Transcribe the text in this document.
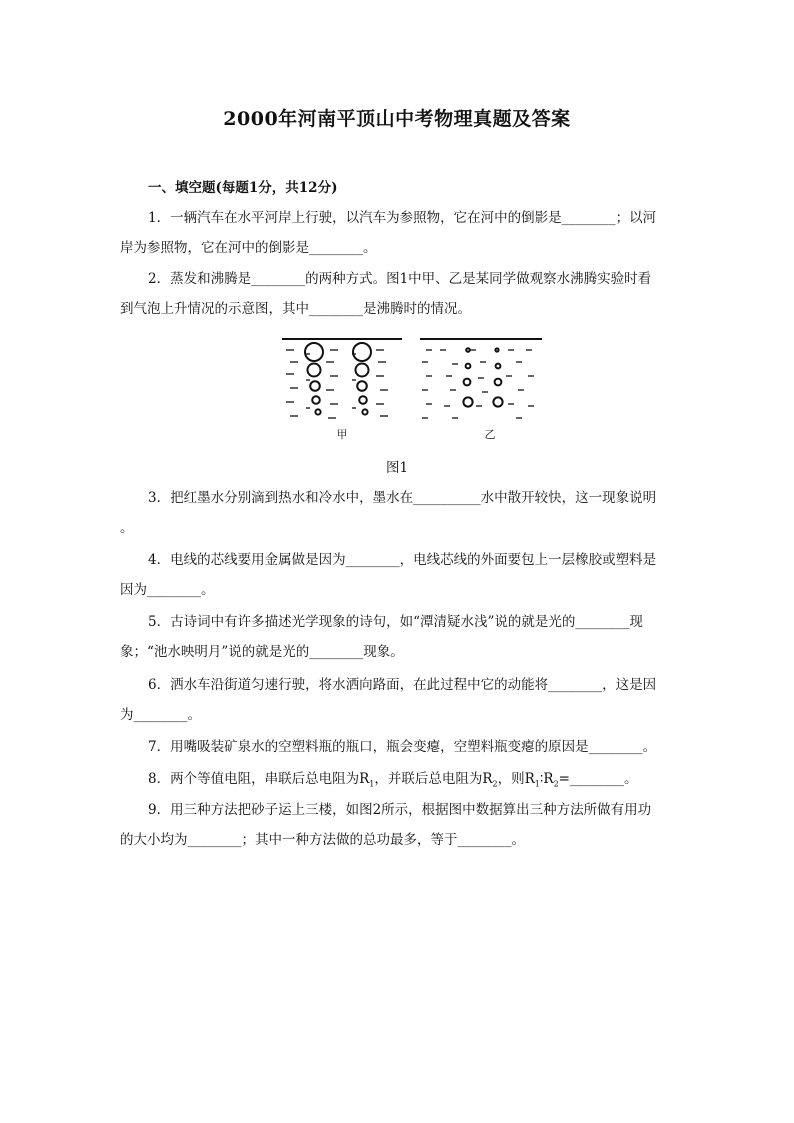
2000年河南平顶山中考物理真题及答案
一、填空题(每题1分，共12分)
1．一辆汽车在水平河岸上行驶，以汽车为参照物，它在河中的倒影是________；以河
岸为参照物，它在河中的倒影是________。
2．蒸发和沸腾是________的两种方式。图1中甲、乙是某同学做观察水沸腾实验时看
到气泡上升情况的示意图，其中________是沸腾时的情况。
甲	乙
图1
3．把红墨水分别滴到热水和冷水中，墨水在__________水中散开较快，这一现象说明
。
4．电线的芯线要用金属做是因为________，电线芯线的外面要包上一层橡胶或塑料是
因为________。
5．古诗词中有许多描述光学现象的诗句，如“潭清疑水浅”说的就是光的________现
象；“池水映明月”说的就是光的________现象。
6．洒水车沿街道匀速行驶，将水洒向路面，在此过程中它的动能将________，这是因
为________。
7．用嘴吸装矿泉水的空塑料瓶的瓶口，瓶会变瘪，空塑料瓶变瘪的原因是________。
8．两个等值电阻，串联后总电阻为$R_1$，并联后总电阻为$R_2$，则$R_1∶R_2=\_\_\_\_\_\_\_\_$。
9．用三种方法把砂子运上三楼，如图2所示，根据图中数据算出三种方法所做有用功
的大小均为________；其中一种方法做的总功最多，等于________。
